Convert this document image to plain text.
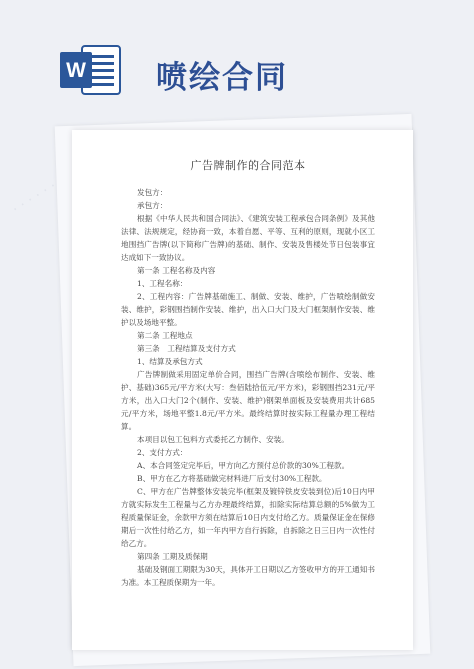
W 喷绘合同
· · · · · ·
广告牌制作的合同范本

发包方：

承包方：

根据《中华人民共和国合同法》、《建筑安装工程承包合同条例》及其他法律、法规规定，经协商一致，本着自愿、平等、互利的原则，现就小区工地围挡广告牌(以下简称广告牌)的基础、制作、安装及售楼处节日包装事宜达成如下一致协议。

第一条 工程名称及内容

1、工程名称：

2、工程内容：广告牌基础施工、制做、安装、维护，广告喷绘制做安装、维护，彩钢围挡制作安装、维护，出入口大门及大门框架制作安装、维护以及场地平整。

第二条 工程地点

第三条　工程结算及支付方式

1、结算及承包方式

广告牌制做采用固定单价合同，围挡广告牌(含喷绘布制作、安装、维护、基础)365元/平方米(大写：叁佰陆拾伍元/平方米)，彩钢围挡231元/平方米，出入口大门2个(制作、安装、维护)钢架单面板及安装费用共计685元/平方米，场地平整1.8元/平方米。最终结算时按实际工程量办理工程结算。

本项目以包工包料方式委托乙方制作、安装。

2、支付方式：

A、本合同签定完毕后，甲方向乙方预付总价款的30%工程款。

B、甲方在乙方将基础做完材料进厂后支付30%工程款。

C、甲方在广告牌整体安装完毕(框架及镀锌铁皮安装到位)后10日内甲方就实际发生工程量与乙方办理最终结算，扣除实际结算总额的5%做为工程质量保证金，余款甲方须在结算后10日内支付给乙方。质量保证金在保修期后一次性付给乙方，如一年内甲方自行拆除，自拆除之日三日内一次性付给乙方。

第四条 工期及质保期

基础及钢面工期限为30天，具体开工日期以乙方签收甲方的开工通知书为准。本工程质保期为一年。
